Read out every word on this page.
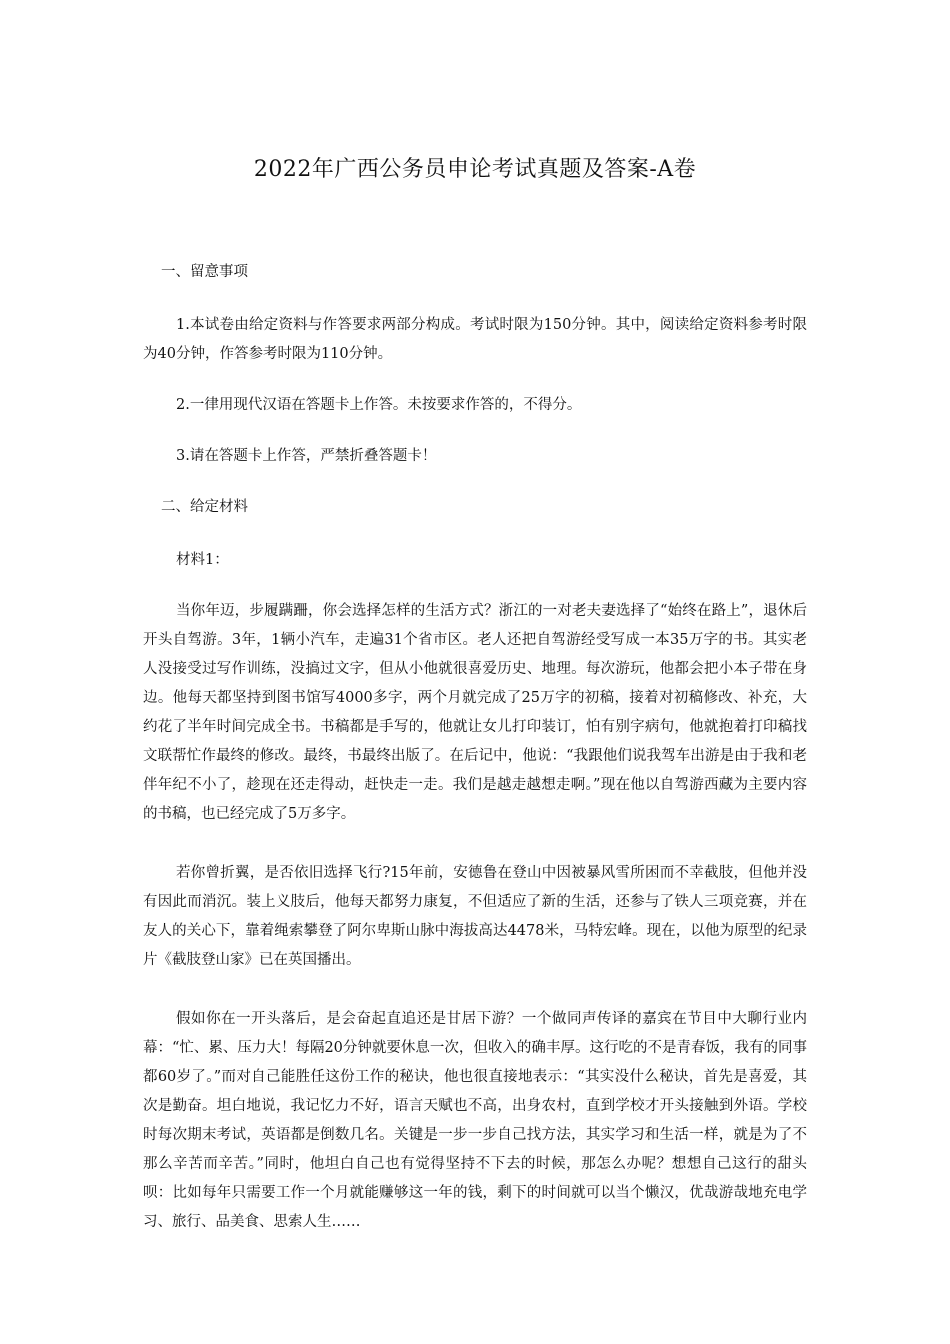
2022年广西公务员申论考试真题及答案-A卷
一、留意事项
1.本试卷由给定资料与作答要求两部分构成。考试时限为150分钟。其中，阅读给定资料参考时限为40分钟，作答参考时限为110分钟。
2.一律用现代汉语在答题卡上作答。未按要求作答的，不得分。
3.请在答题卡上作答，严禁折叠答题卡！
二、给定材料
材料1：
当你年迈，步履蹒跚，你会选择怎样的生活方式？浙江的一对老夫妻选择了“始终在路上”，退休后开头自驾游。3年，1辆小汽车，走遍31个省市区。老人还把自驾游经受写成一本35万字的书。其实老人没接受过写作训练，没搞过文字，但从小他就很喜爱历史、地理。每次游玩，他都会把小本子带在身边。他每天都坚持到图书馆写4000多字，两个月就完成了25万字的初稿，接着对初稿修改、补充，大约花了半年时间完成全书。书稿都是手写的，他就让女儿打印装订，怕有别字病句，他就抱着打印稿找文联帮忙作最终的修改。最终，书最终出版了。在后记中，他说：“我跟他们说我驾车出游是由于我和老伴年纪不小了，趁现在还走得动，赶快走一走。我们是越走越想走啊。”现在他以自驾游西藏为主要内容的书稿，也已经完成了5万多字。
若你曾折翼，是否依旧选择飞行?15年前，安德鲁在登山中因被暴风雪所困而不幸截肢，但他并没有因此而消沉。装上义肢后，他每天都努力康复，不但适应了新的生活，还参与了铁人三项竞赛，并在友人的关心下，靠着绳索攀登了阿尔卑斯山脉中海拔高达4478米，马特宏峰。现在，以他为原型的纪录片《截肢登山家》已在英国播出。
假如你在一开头落后，是会奋起直追还是甘居下游？一个做同声传译的嘉宾在节目中大聊行业内幕：“忙、累、压力大！每隔20分钟就要休息一次，但收入的确丰厚。这行吃的不是青春饭，我有的同事都60岁了。”而对自己能胜任这份工作的秘诀，他也很直接地表示：“其实没什么秘诀，首先是喜爱，其次是勤奋。坦白地说，我记忆力不好，语言天赋也不高，出身农村，直到学校才开头接触到外语。学校时每次期末考试，英语都是倒数几名。关键是一步一步自己找方法，其实学习和生活一样，就是为了不那么辛苦而辛苦。”同时，他坦白自己也有觉得坚持不下去的时候，那怎么办呢？想想自己这行的甜头呗：比如每年只需要工作一个月就能赚够这一年的钱，剩下的时间就可以当个懒汉，优哉游哉地充电学习、旅行、品美食、思索人生……
